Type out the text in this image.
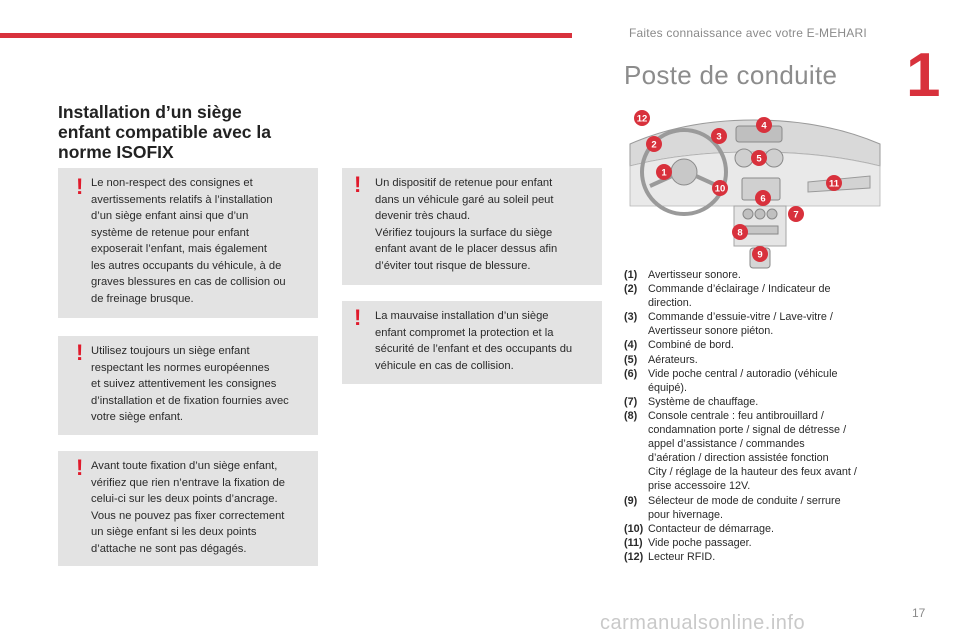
Faites connaissance avec votre E-MEHARI
1
Installation d’un siège
enfant compatible avec la
norme ISOFIX
! Le non-respect des consignes et
avertissements relatifs à l’installation
d’un siège enfant ainsi que d’un
système de retenue pour enfant
exposerait l’enfant, mais également
les autres occupants du véhicule, à de
graves blessures en cas de collision ou
de freinage brusque.

! Utilisez toujours un siège enfant
respectant les normes européennes
et suivez attentivement les consignes
d’installation et de fixation fournies avec
votre siège enfant.

! Avant toute fixation d’un siège enfant,
vérifiez que rien n’entrave la fixation de
celui-ci sur les deux points d’ancrage.
Vous ne pouvez pas fixer correctement
un siège enfant si les deux points
d’attache ne sont pas dégagés.

!	Un dispositif de retenue pour enfant
dans un véhicule garé au soleil peut
devenir très chaud.
Vérifiez toujours la surface du siège
enfant avant de le placer dessus afin
d’éviter tout risque de blessure.

!	La mauvaise installation d’un siège
enfant compromet la protection et la
sécurité de l’enfant et des occupants du
véhicule en cas de collision.

Poste de conduite
12
2
1
3
4
5
10
6
11
7
8
9
(1) Avertisseur sonore.
(2) Commande d’éclairage / Indicateur de
direction.
(3) Commande d’essuie-vitre / Lave-vitre /
Avertisseur sonore piéton.
(4) Combiné de bord.
(5) Aérateurs.
(6) Vide poche central / autoradio (véhicule
équipé).
(7) Système de chauffage.
(8) Console centrale : feu antibrouillard /
condamnation porte / signal de détresse /
appel d’assistance / commandes
d’aération / direction assistée fonction
City / réglage de la hauteur des feux avant /
prise accessoire 12V.
(9) Sélecteur de mode de conduite / serrure
pour hivernage.
(10) Contacteur de démarrage.
(11) Vide poche passager.
(12) Lecteur RFID.
carmanualsonline.info	17
